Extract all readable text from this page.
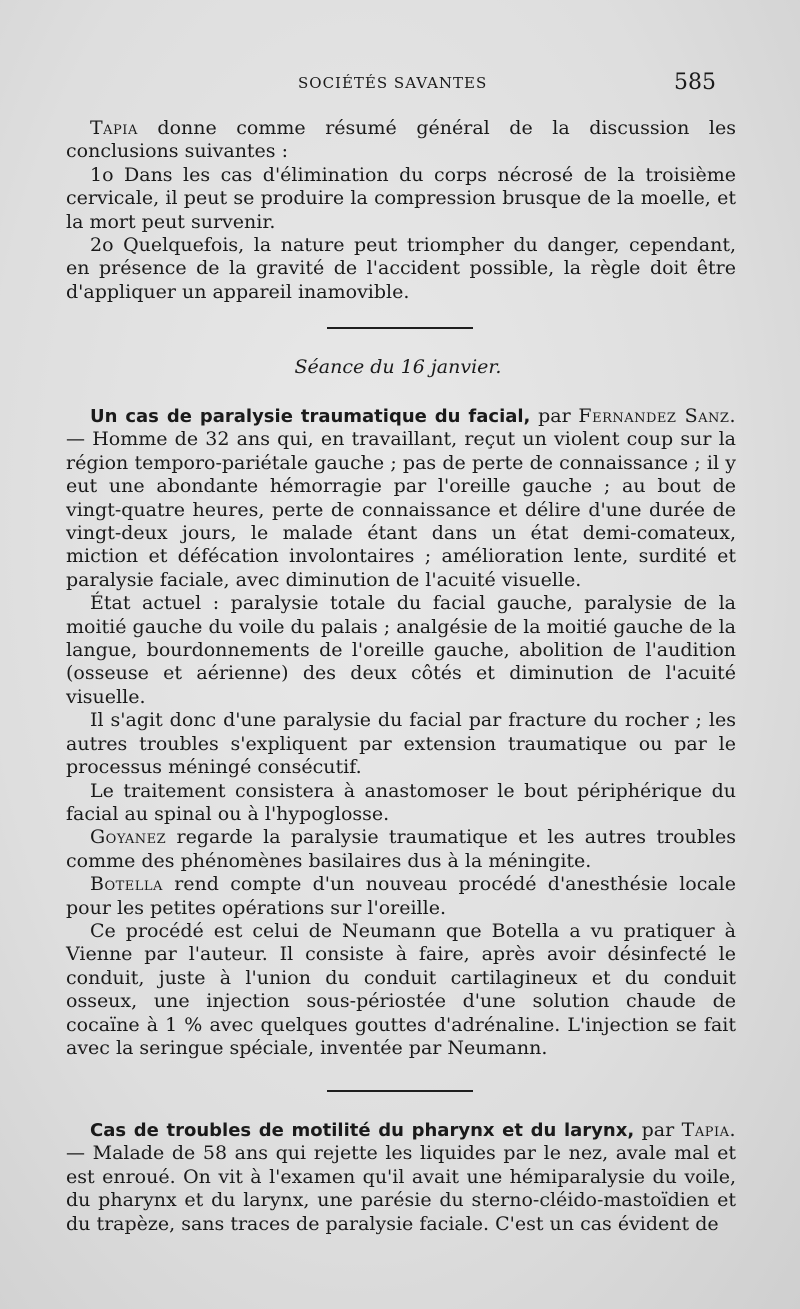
SOCIÉTÉS SAVANTES	585

Tapia donne comme résumé général de la discussion les conclusions suivantes :

1o Dans les cas d'élimination du corps nécrosé de la troisième cervicale, il peut se produire la compression brusque de la moelle, et la mort peut survenir.

2o Quelquefois, la nature peut triompher du danger, cependant, en présence de la gravité de l'accident possible, la règle doit être d'appliquer un appareil inamovible.

Séance du 16 janvier.

Un cas de paralysie traumatique du facial, par Fernandez Sanz. — Homme de 32 ans qui, en travaillant, reçut un violent coup sur la région temporo-pariétale gauche ; pas de perte de connaissance ; il y eut une abondante hémorragie par l'oreille gauche ; au bout de vingt-quatre heures, perte de connaissance et délire d'une durée de vingt-deux jours, le malade étant dans un état demi-comateux, miction et défécation involontaires ; amélioration lente, surdité et paralysie faciale, avec diminution de l'acuité visuelle.

État actuel : paralysie totale du facial gauche, paralysie de la moitié gauche du voile du palais ; analgésie de la moitié gauche de la langue, bourdonnements de l'oreille gauche, abolition de l'audition (osseuse et aérienne) des deux côtés et diminution de l'acuité visuelle.

Il s'agit donc d'une paralysie du facial par fracture du rocher ; les autres troubles s'expliquent par extension traumatique ou par le processus méningé consécutif.

Le traitement consistera à anastomoser le bout périphérique du facial au spinal ou à l'hypoglosse.

Goyanez regarde la paralysie traumatique et les autres troubles comme des phénomènes basilaires dus à la méningite.

Botella rend compte d'un nouveau procédé d'anesthésie locale pour les petites opérations sur l'oreille.

Ce procédé est celui de Neumann que Botella a vu pratiquer à Vienne par l'auteur. Il consiste à faire, après avoir désinfecté le conduit, juste à l'union du conduit cartilagineux et du conduit osseux, une injection sous-périostée d'une solution chaude de cocaïne à 1 % avec quelques gouttes d'adrénaline. L'injection se fait avec la seringue spéciale, inventée par Neumann.

Cas de troubles de motilité du pharynx et du larynx, par Tapia. — Malade de 58 ans qui rejette les liquides par le nez, avale mal et est enroué. On vit à l'examen qu'il avait une hémiparalysie du voile, du pharynx et du larynx, une parésie du sterno-cléido-mastoïdien et du trapèze, sans traces de paralysie faciale. C'est un cas évident de
